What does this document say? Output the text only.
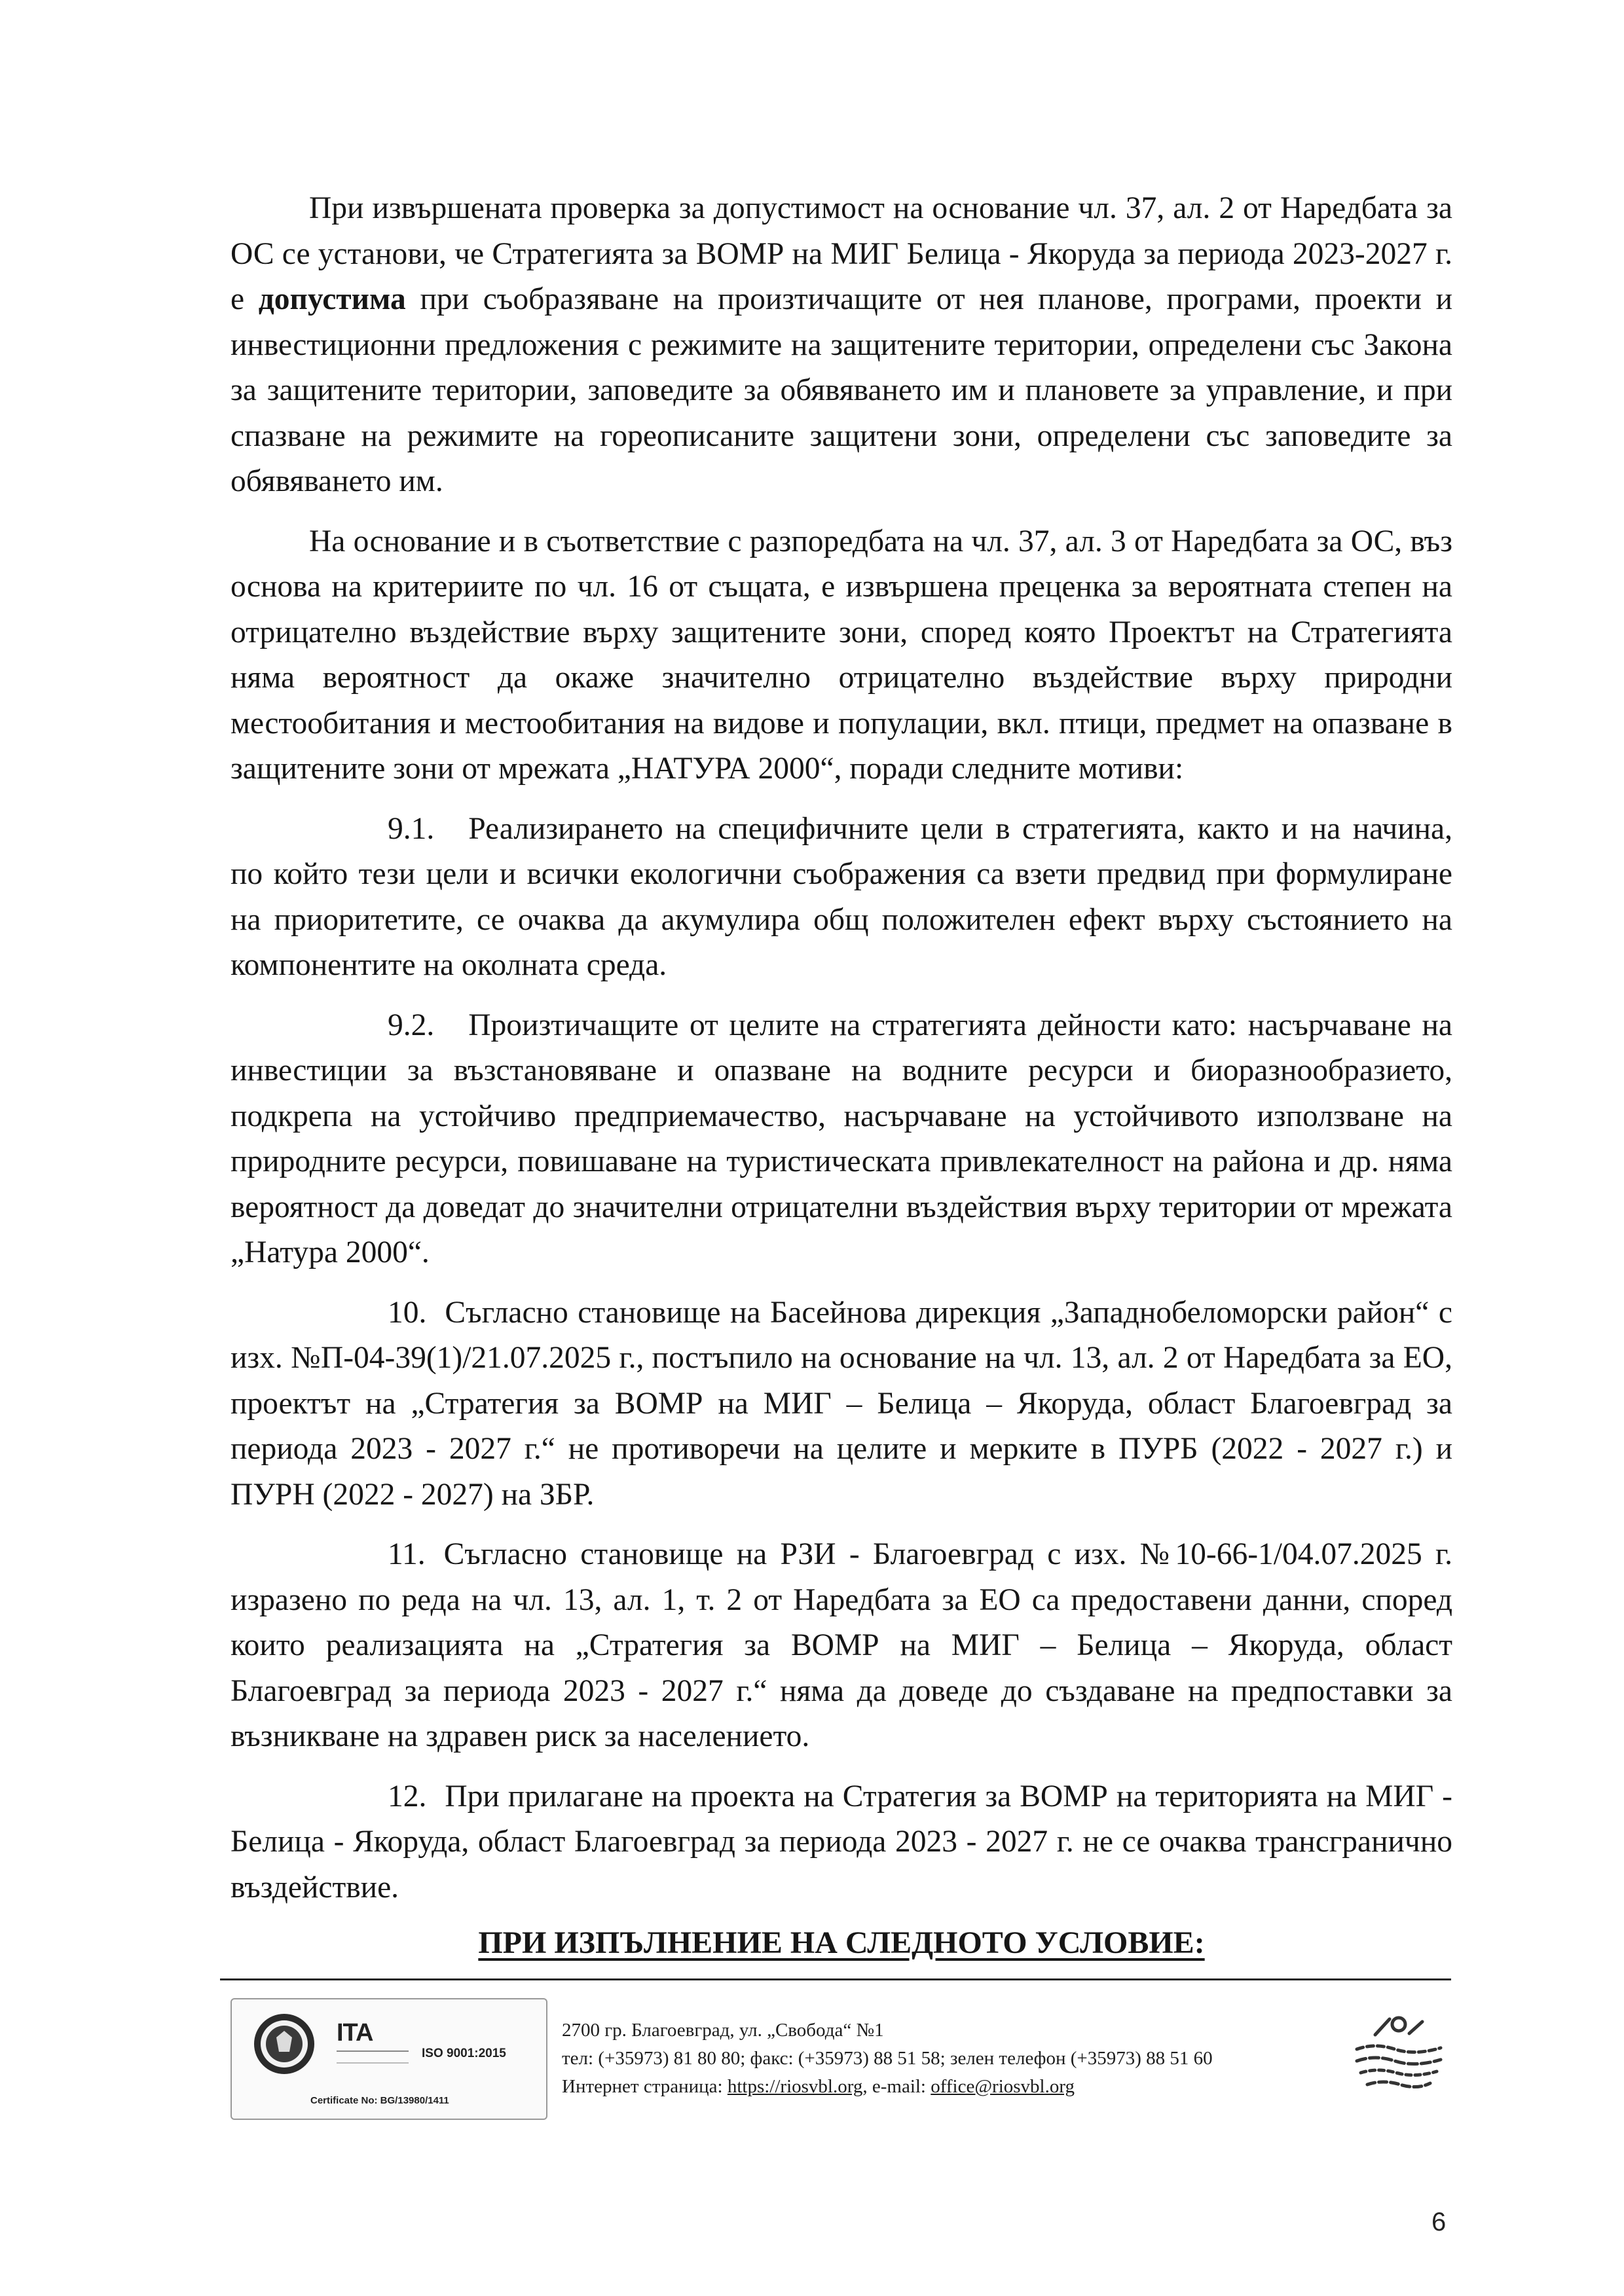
При извършената проверка за допустимост на основание чл. 37, ал. 2 от Наредбата за ОС се установи, че Стратегията за ВОМР на МИГ Белица - Якоруда за периода 2023-2027 г. е допустима при съобразяване на произтичащите от нея планове, програми, проекти и инвестиционни предложения с режимите на защитените територии, определени със Закона за защитените територии, заповедите за обявяването им и плановете за управление, и при спазване на режимите на гореописаните защитени зони, определени със заповедите за обявяването им.

На основание и в съответствие с разпоредбата на чл. 37, ал. 3 от Наредбата за ОС, въз основа на критериите по чл. 16 от същата, е извършена преценка за вероятната степен на отрицателно въздействие върху защитените зони, според която Проектът на Стратегията няма вероятност да окаже значително отрицателно въздействие върху природни местообитания и местообитания на видове и популации, вкл. птици, предмет на опазване в защитените зони от мрежата „НАТУРА 2000“, поради следните мотиви:

9.1. Реализирането на специфичните цели в стратегията, както и на начина, по който тези цели и всички екологични съображения са взети предвид при формулиране на приоритетите, се очаква да акумулира общ положителен ефект върху състоянието на компонентите на околната среда.

9.2. Произтичащите от целите на стратегията дейности като: насърчаване на инвестиции за възстановяване и опазване на водните ресурси и биоразнообразието, подкрепа на устойчиво предприемачество, насърчаване на устойчивото използване на природните ресурси, повишаване на туристическата привлекателност на района и др. няма вероятност да доведат до значителни отрицателни въздействия върху територии от мрежата „Натура 2000“.

10. Съгласно становище на Басейнова дирекция „Западнобеломорски район“ с изх. №П-04-39(1)/21.07.2025 г., постъпило на основание на чл. 13, ал. 2 от Наредбата за ЕО, проектът на „Стратегия за ВОМР на МИГ – Белица – Якоруда, област Благоевград за периода 2023 - 2027 г.“ не противоречи на целите и мерките в ПУРБ (2022 - 2027 г.) и ПУРН (2022 - 2027) на ЗБР.

11. Съгласно становище на РЗИ - Благоевград с изх. №10-66-1/04.07.2025 г. изразено по реда на чл. 13, ал. 1, т. 2 от Наредбата за ЕО са предоставени данни, според които реализацията на „Стратегия за ВОМР на МИГ – Белица – Якоруда, област Благоевград за периода 2023 - 2027 г.“ няма да доведе до създаване на предпоставки за възникване на здравен риск за населението.

12. При прилагане на проекта на Стратегия за ВОМР на територията на МИГ - Белица - Якоруда, област Благоевград за периода 2023 - 2027 г. не се очаква трансгранично въздействие.

ПРИ ИЗПЪЛНЕНИЕ НА СЛЕДНОТО УСЛОВИЕ:
ITA
ISO 9001:2015
Certificate No: BG/13980/1411
2700 гр. Благоевград, ул. „Свобода“ №1
тел: (+35973) 81 80 80; факс: (+35973) 88 51 58; зелен телефон (+35973) 88 51 60
Интернет страница: https://riosvbl.org, e-mail: office@riosvbl.org
6
